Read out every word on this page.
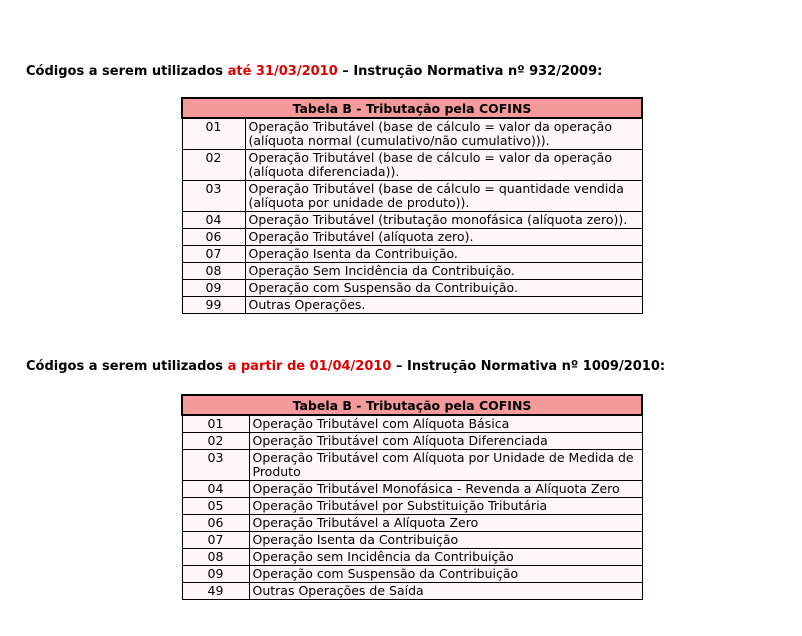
Códigos a serem utilizados até 31/03/2010 – Instrução Normativa nº 932/2009:
Tabela B - Tributação pela COFINS	
01	Operação Tributável (base de cálculo = valor da operação (alíquota normal (cumulativo/não cumulativo))).
02	Operação Tributável (base de cálculo = valor da operação (alíquota diferenciada)).
03	Operação Tributável (base de cálculo = quantidade vendida (alíquota por unidade de produto)).
04	Operação Tributável (tributação monofásica (alíquota zero)).
06	Operação Tributável (alíquota zero).
07	Operação Isenta da Contribuição.
08	Operação Sem Incidência da Contribuição.
09	Operação com Suspensão da Contribuição.
99	Outras Operações.
Códigos a serem utilizados a partir de 01/04/2010 – Instrução Normativa nº 1009/2010:
Tabela B - Tributação pela COFINS	
01	Operação Tributável com Alíquota Básica
02	Operação Tributável com Alíquota Diferenciada
03	Operação Tributável com Alíquota por Unidade de Medida de Produto
04	Operação Tributável Monofásica - Revenda a Alíquota Zero
05	Operação Tributável por Substituição Tributária
06	Operação Tributável a Alíquota Zero
07	Operação Isenta da Contribuição
08	Operação sem Incidência da Contribuição
09	Operação com Suspensão da Contribuição
49	Outras Operações de Saída
